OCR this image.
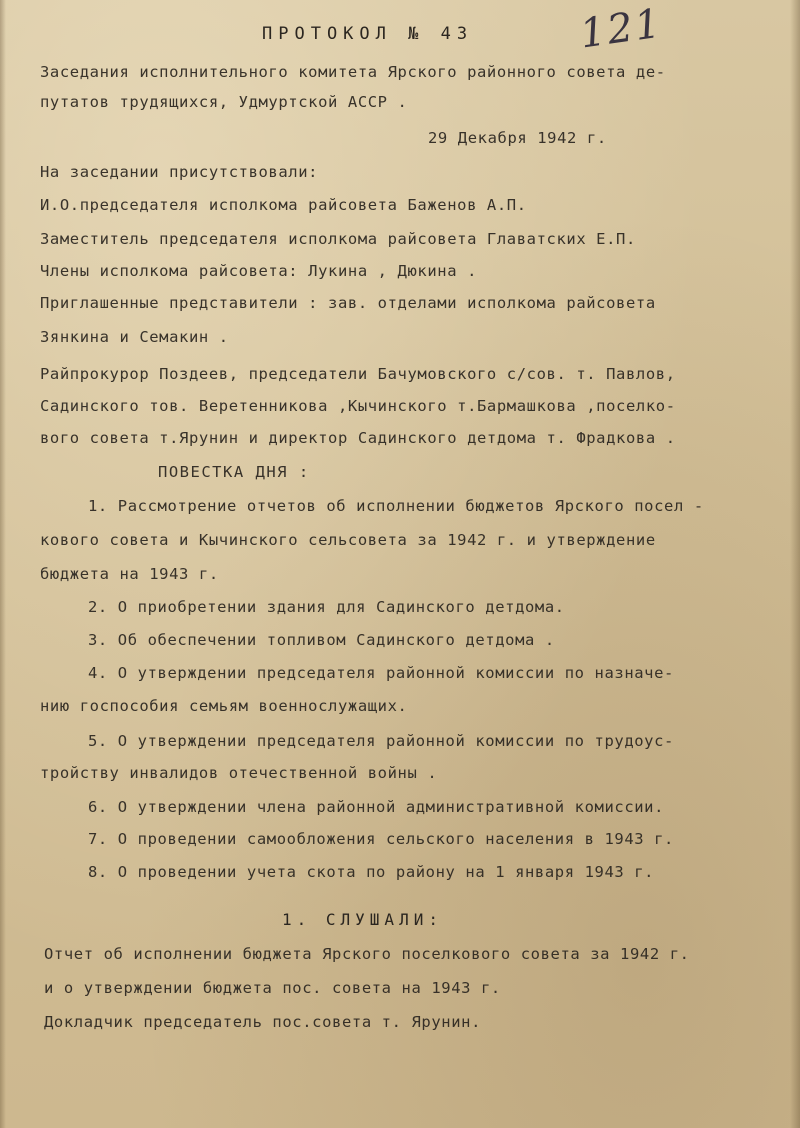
121
ПРОТОКОЛ № 43
Заседания исполнительного комитета Ярского районного совета де-
путатов трудящихся, Удмуртской АССР .
29 Декабря 1942 г.
На заседании присутствовали:
И.О.председателя исполкома райсовета Баженов А.П.
Заместитель председателя исполкома райсовета Главатских Е.П.
Члены исполкома райсовета: Лукина , Дюкина .
Приглашенные представители : зав. отделами исполкома райсовета
Зянкина и Семакин .
Райпрокурор Поздеев, председатели Бачумовского с/сов. т. Павлов,
Садинского тов. Веретенникова ,Кычинского т.Бармашкова ,поселко-
вого совета т.Ярунин и директор Садинского детдома т. Фрадкова .
ПОВЕСТКА ДНЯ :
1. Рассмотрение отчетов об исполнении бюджетов Ярского посел -
кового совета и Кычинского сельсовета за 1942 г. и утверждение
бюджета на 1943 г.
2. О приобретении здания для Садинского детдома.
3. Об обеспечении топливом Садинского детдома .
4. О утверждении председателя районной комиссии по назначе-
нию госпособия семьям военнослужащих.
5. О утверждении председателя районной комиссии по трудоус-
тройству инвалидов отечественной войны .
6. О утверждении члена районной административной комиссии.
7. О проведении самообложения сельского населения в 1943 г.
8. О проведении учета скота по району на 1 января 1943 г.
1. СЛУШАЛИ:
Отчет об исполнении бюджета Ярского поселкового совета за 1942 г.
и о утверждении бюджета пос. совета на 1943 г.
Докладчик председатель пос.совета т. Ярунин.
